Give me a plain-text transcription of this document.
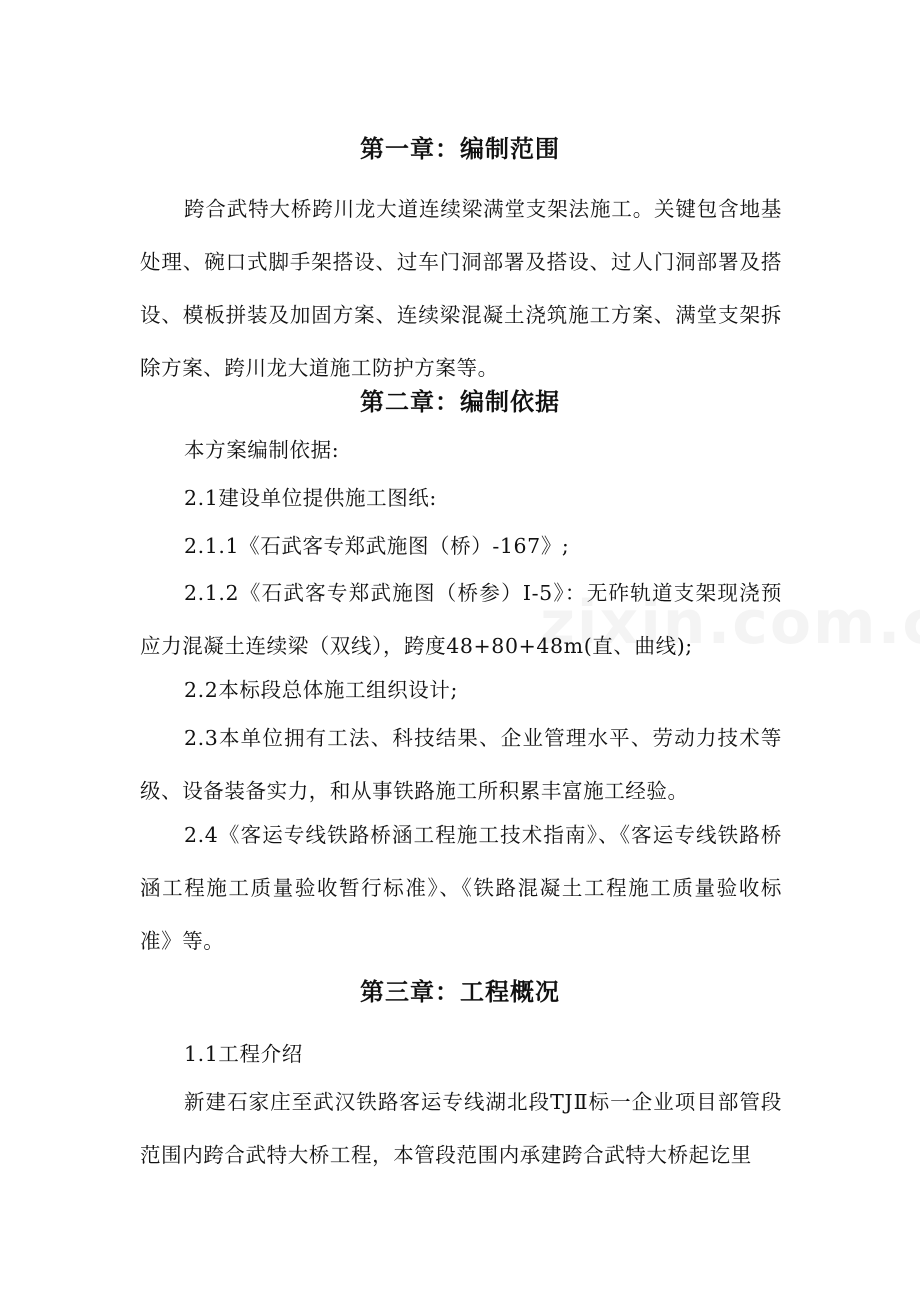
第一章：编制范围

跨合武特大桥跨川龙大道连续梁满堂支架法施工。关键包含地基处理、碗口式脚手架搭设、过车门洞部署及搭设、过人门洞部署及搭设、模板拼装及加固方案、连续梁混凝土浇筑施工方案、满堂支架拆除方案、跨川龙大道施工防护方案等。

第二章：编制依据

本方案编制依据:

2.1建设单位提供施工图纸:

2.1.1《石武客专郑武施图（桥）-167》;

2.1.2《石武客专郑武施图（桥参）I-5》：无砟轨道支架现浇预应力混凝土连续梁（双线），跨度48+80+48m(直、曲线);

2.2本标段总体施工组织设计;

2.3本单位拥有工法、科技结果、企业管理水平、劳动力技术等级、设备装备实力，和从事铁路施工所积累丰富施工经验。

2.4《客运专线铁路桥涵工程施工技术指南》、《客运专线铁路桥涵工程施工质量验收暂行标准》、《铁路混凝土工程施工质量验收标准》等。

第三章：工程概况

1.1工程介绍

新建石家庄至武汉铁路客运专线湖北段TJⅡ标一企业项目部管段范围内跨合武特大桥工程，本管段范围内承建跨合武特大桥起讫里
